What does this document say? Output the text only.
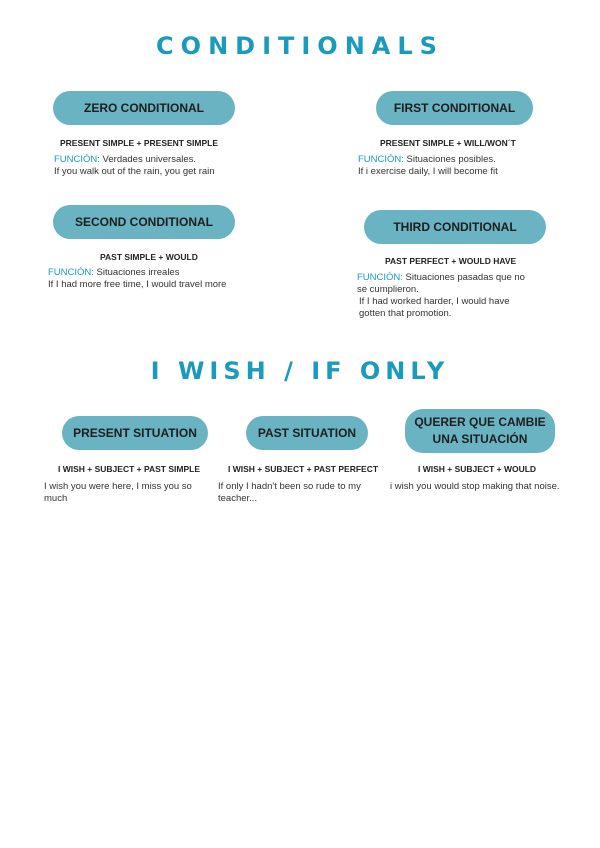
CONDITIONALS
I WISH / IF ONLY
ZERO CONDITIONAL
PRESENT SIMPLE + PRESENT SIMPLE
FUNCIÓN: Verdades universales.
If you walk out of the rain, you get rain
FIRST CONDITIONAL
PRESENT SIMPLE + WILL/WON´T
FUNCIÓN: Situaciones posibles.
If i exercise daily, I will become fit
SECOND CONDITIONAL
PAST SIMPLE + WOULD
FUNCIÓN: Situaciones irreales
If I had more free time, I would travel more
THIRD CONDITIONAL
PAST PERFECT + WOULD HAVE
FUNCIÓN: Situaciones pasadas que no se cumplieron.
If I had worked harder, I would have gotten that promotion.
PRESENT SITUATION
I WISH + SUBJECT + PAST SIMPLE
I wish you were here, I miss you so much
PAST SITUATION
I WISH + SUBJECT + PAST PERFECT
If only I hadn't been so rude to my teacher...
QUERER QUE CAMBIE UNA SITUACIÓN
I WISH + SUBJECT + WOULD
i wish you would stop making that noise.
